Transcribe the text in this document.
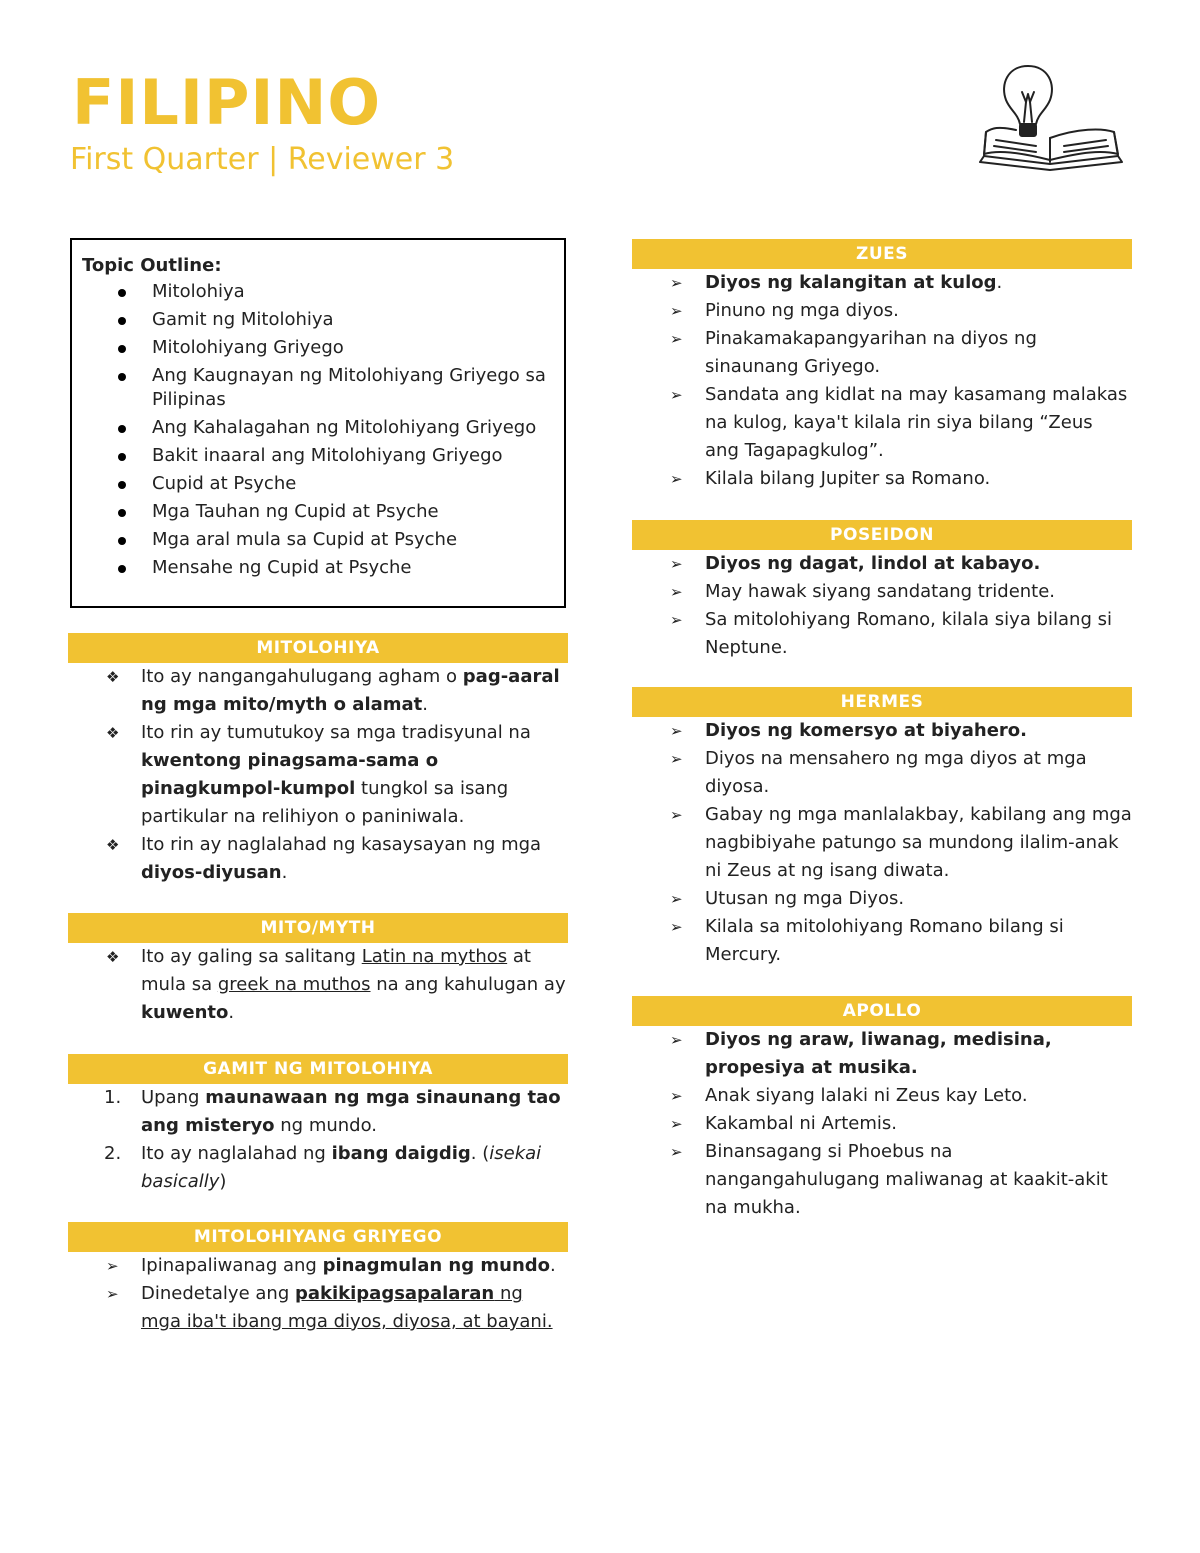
FILIPINO
First Quarter | Reviewer 3
Topic Outline:
Mitolohiya
Gamit ng Mitolohiya
Mitolohiyang Griyego
Ang Kaugnayan ng Mitolohiyang Griyego sa Pilipinas
Ang Kahalagahan ng Mitolohiyang Griyego
Bakit inaaral ang Mitolohiyang Griyego
Cupid at Psyche
Mga Tauhan ng Cupid at Psyche
Mga aral mula sa Cupid at Psyche
Mensahe ng Cupid at Psyche
MITOLOHIYA
❖ Ito ay nangangahulugang agham o pag-aaral ng mga mito/myth o alamat.
❖ Ito rin ay tumutukoy sa mga tradisyunal na kwentong pinagsama-sama o pinagkumpol-kumpol tungkol sa isang partikular na relihiyon o paniniwala.
❖ Ito rin ay naglalahad ng kasaysayan ng mga diyos-diyusan.
MITO/MYTH
❖ Ito ay galing sa salitang Latin na mythos at mula sa greek na muthos na ang kahulugan ay kuwento.
GAMIT NG MITOLOHIYA
1. Upang maunawaan ng mga sinaunang tao ang misteryo ng mundo.
2. Ito ay naglalahad ng ibang daigdig. (isekai basically)
MITOLOHIYANG GRIYEGO
➢ Ipinapaliwanag ang pinagmulan ng mundo.
➢ Dinedetalye ang pakikipagsapalaran ng mga iba't ibang mga diyos, diyosa, at bayani.
ZUES
➢ Diyos ng kalangitan at kulog.
➢ Pinuno ng mga diyos.
➢ Pinakamakapangyarihan na diyos ng sinaunang Griyego.
➢ Sandata ang kidlat na may kasamang malakas na kulog, kaya't kilala rin siya bilang “Zeus ang Tagapagkulog”.
➢ Kilala bilang Jupiter sa Romano.
POSEIDON
➢ Diyos ng dagat, lindol at kabayo.
➢ May hawak siyang sandatang tridente.
➢ Sa mitolohiyang Romano, kilala siya bilang si Neptune.
HERMES
➢ Diyos ng komersyo at biyahero.
➢ Diyos na mensahero ng mga diyos at mga diyosa.
➢ Gabay ng mga manlalakbay, kabilang ang mga nagbibiyahe patungo sa mundong ilalim-anak ni Zeus at ng isang diwata.
➢ Utusan ng mga Diyos.
➢ Kilala sa mitolohiyang Romano bilang si Mercury.
APOLLO
➢ Diyos ng araw, liwanag, medisina, propesiya at musika.
➢ Anak siyang lalaki ni Zeus kay Leto.
➢ Kakambal ni Artemis.
➢ Binansagang si Phoebus na nangangahulugang maliwanag at kaakit-akit na mukha.
